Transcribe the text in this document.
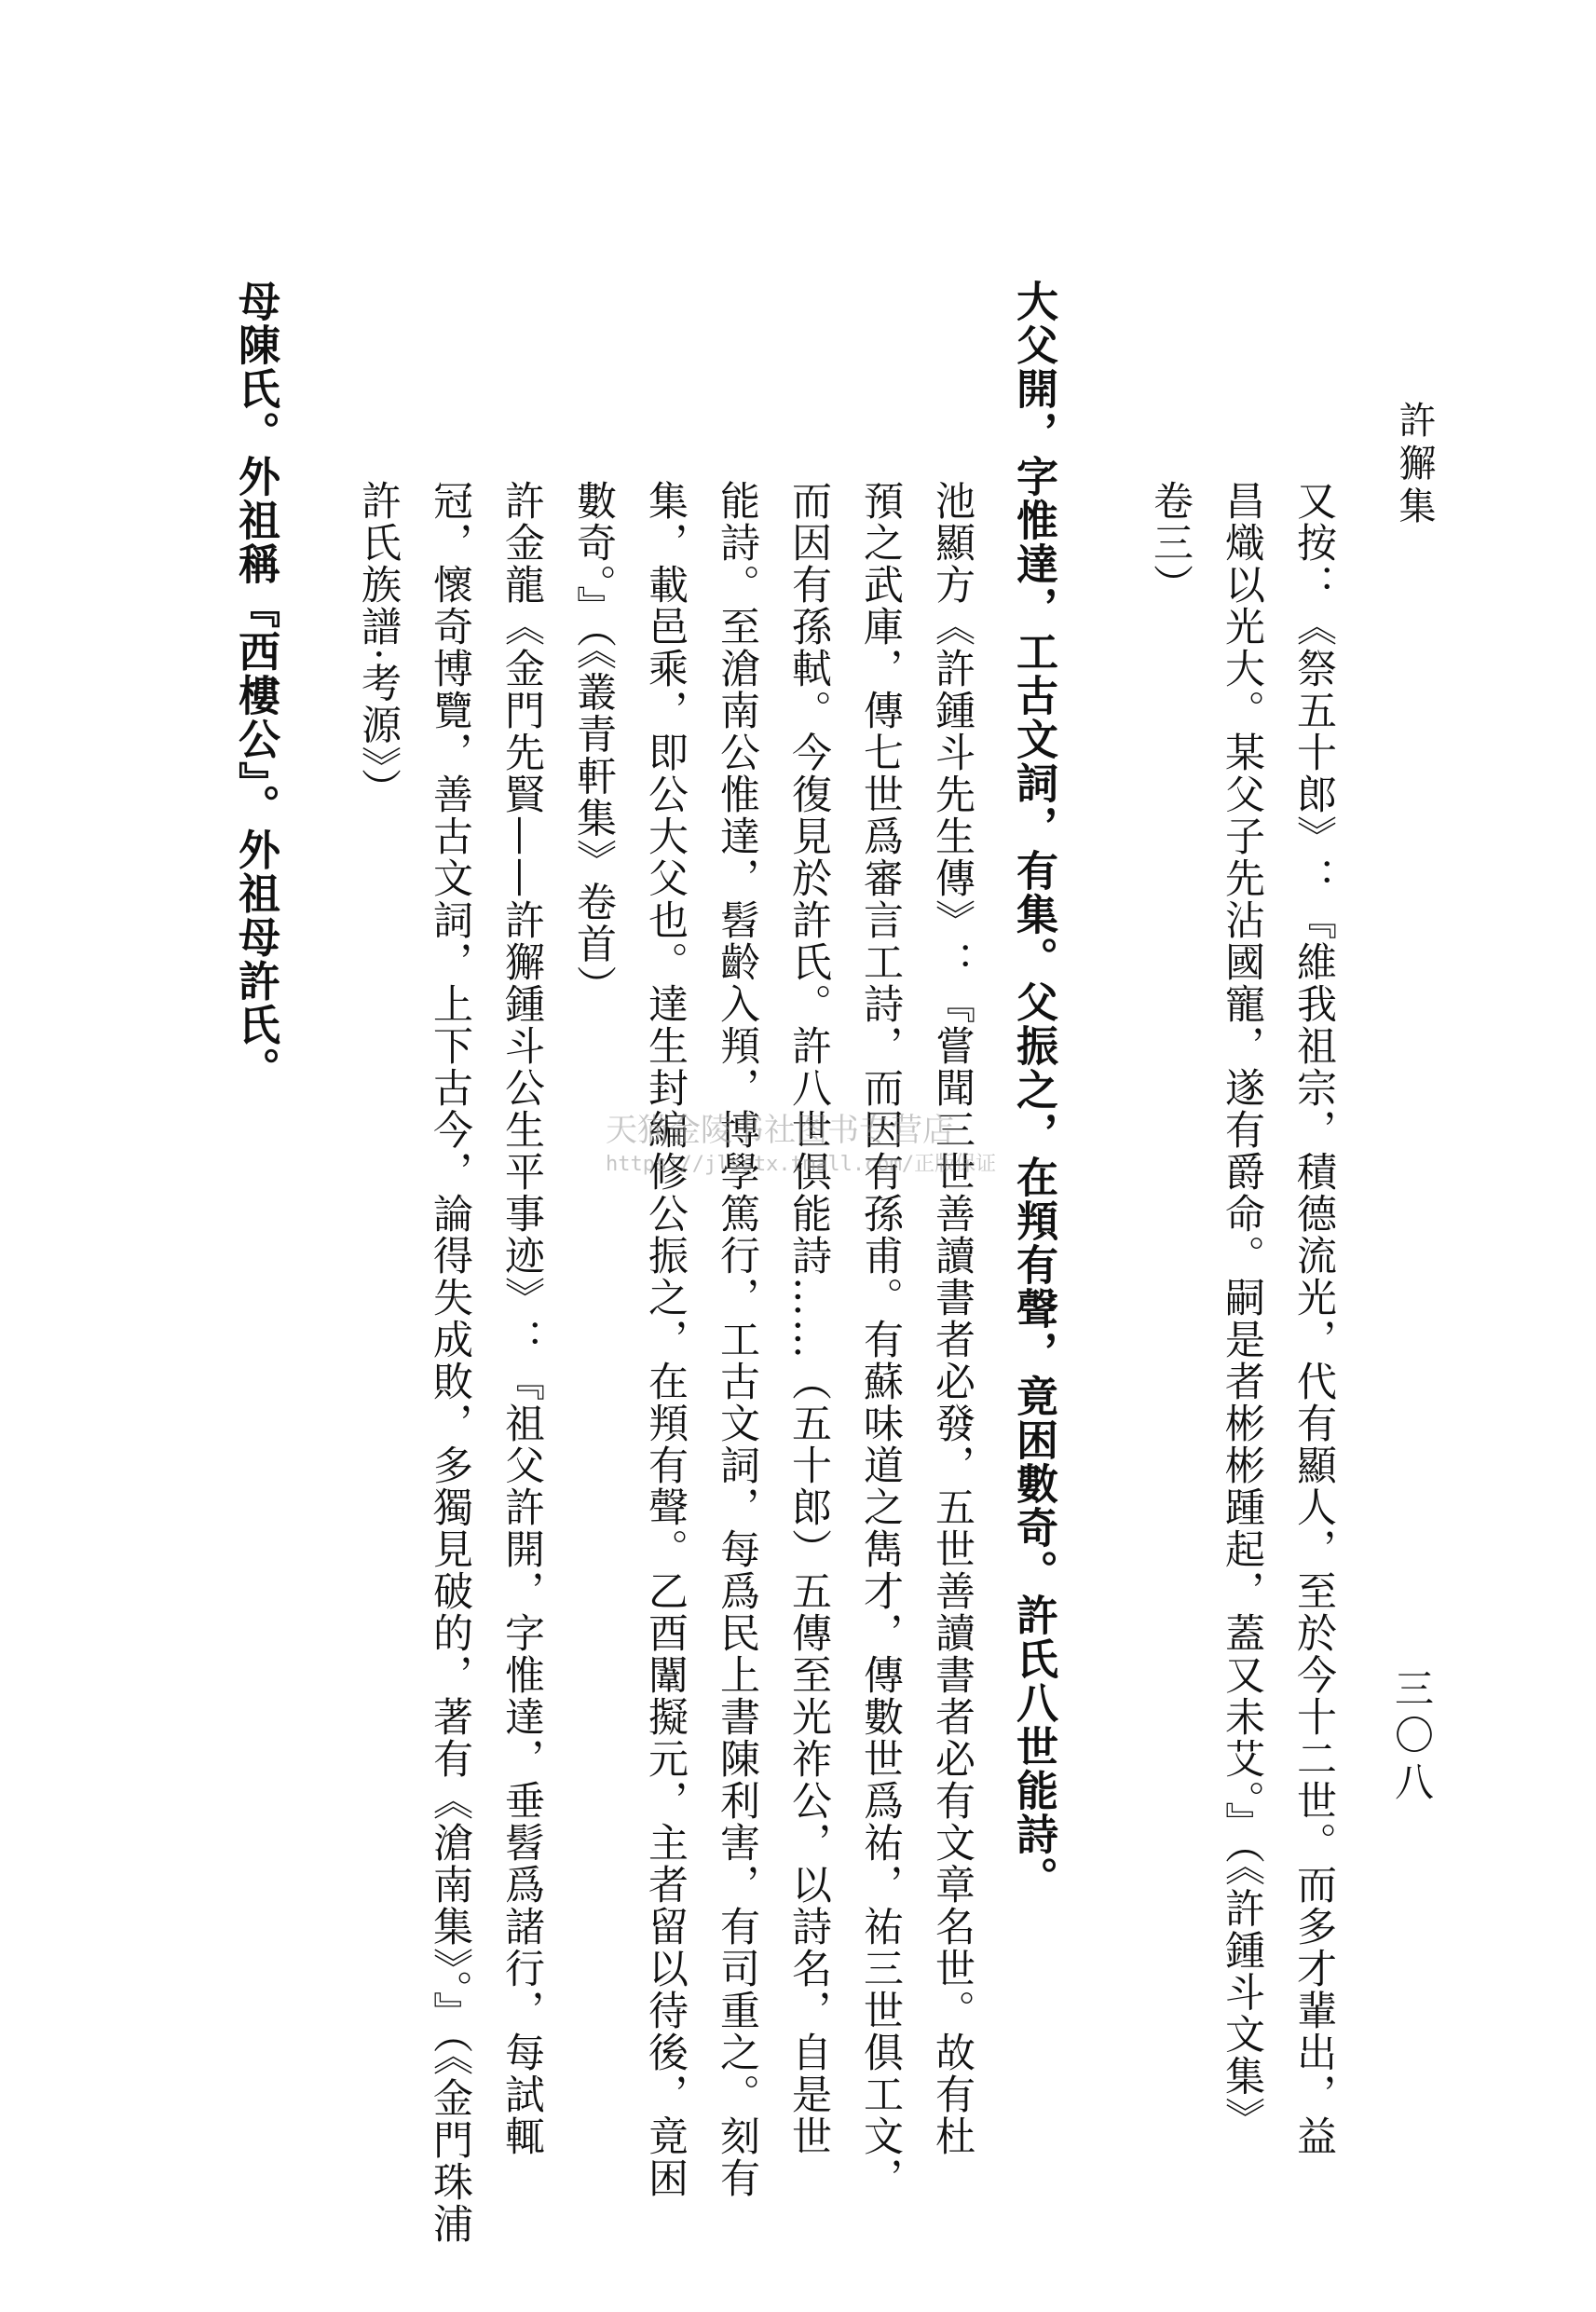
許獬集
三〇八
又按：《祭五十郎》：『維我祖宗，積德流光，代有顯人，至於今十二世。而多才輩出，益
昌熾以光大。某父子先沾國寵，遂有爵命。嗣是者彬彬踵起，蓋又未艾。』（《許鍾斗文集》
卷三）
大父開，字惟達，工古文詞，有集。父振之，在頖有聲，竟困數奇。許氏八世能詩。
池顯方《許鍾斗先生傳》：『嘗聞三世善讀書者必發，五世善讀書者必有文章名世。故有杜
預之武庫，傳七世爲審言工詩，而因有孫甫。有蘇味道之雋才，傳數世爲祐，祐三世俱工文，
而因有孫軾。今復見於許氏。許八世俱能詩……（五十郎）五傳至光祚公，以詩名，自是世
能詩。至滄南公惟達，髫齡入頖，博學篤行，工古文詞，每爲民上書陳利害，有司重之。刻有
集，載邑乘，即公大父也。達生封編修公振之，在頖有聲。乙酉闈擬元，主者留以待後，竟困
數奇。』（《叢青軒集》卷首）
許金龍《金門先賢——許獬鍾斗公生平事迹》：『祖父許開，字惟達，垂髫爲諸行，每試輒
冠，懷奇博覽，善古文詞，上下古今，論得失成敗，多獨見破的，著有《滄南集》。』（《金門珠浦
許氏族譜·考源》）
母陳氏。外祖稱『西樓公』。外祖母許氏。
天猫金陵书社图书专营店
https://jlsstx.tmall.com/正版保证
